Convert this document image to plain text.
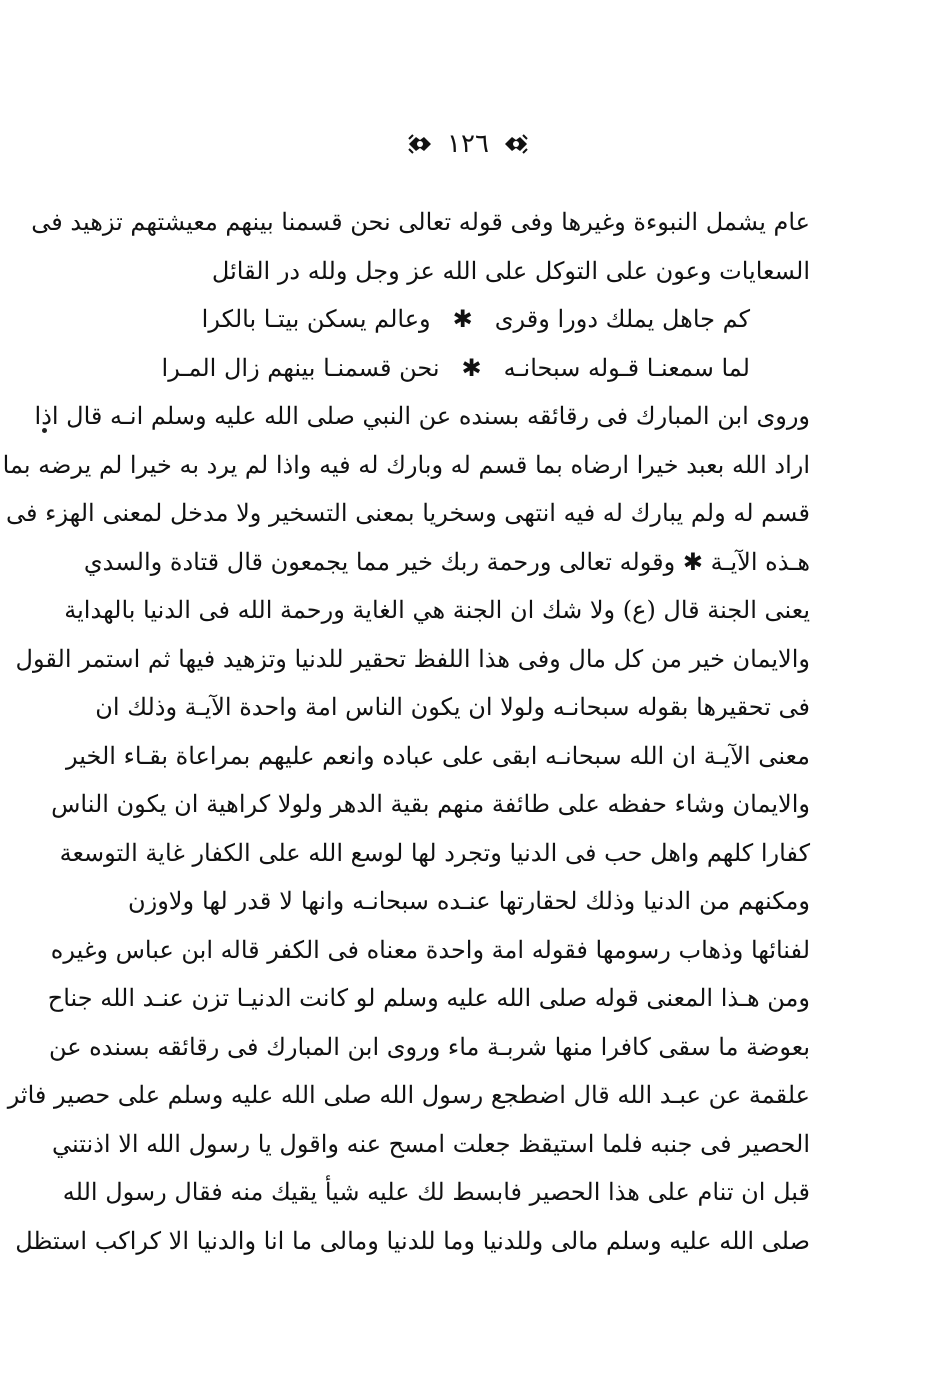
١٢٦
عام يشمل النبوءة وغيرها وفى قوله تعالى نحن قسمنا بينهم معيشتهم تزهيد فى
السعايات وعون على التوكل على الله عز وجل ولله در القائل
كم جاهل يملك دورا وقرى
✱
وعالم يسكن بيتـا بالكرا
لما سمعنـا قـوله سبحانـه
✱
نحن قسمنـا بينهم زال المـرا
وروى ابن المبارك فى رقائقه بسنده عن النبي صلى الله عليه وسلم انـه قال اذا
اراد الله بعبد خيرا ارضاه بما قسم له وبارك له فيه واذا لم يرد به خيرا لم يرضه بما
قسم له ولم يبارك له فيه انتهى وسخريا بمعنى التسخير ولا مدخل لمعنى الهزء فى
هـذه الآيـة ✱ وقوله تعالى ورحمة ربك خير مما يجمعون قال قتادة والسدي
يعنى الجنة قال (ع) ولا شك ان الجنة هي الغاية ورحمة الله فى الدنيا بالهداية
والايمان خير من كل مال وفى هذا اللفظ تحقير للدنيا وتزهيد فيها ثم استمر القول
فى تحقيرها بقوله سبحانـه ولولا ان يكون الناس امة واحدة الآيـة وذلك ان
معنى الآيـة ان الله سبحانـه ابقى على عباده وانعم عليهم بمراعاة بقـاء الخير
والايمان وشاء حفظه على طائفة منهم بقية الدهر ولولا كراهية ان يكون الناس
كفارا كلهم واهل حب فى الدنيا وتجرد لها لوسع الله على الكفار غاية التوسعة
ومكنهم من الدنيا وذلك لحقارتها عنـده سبحانـه وانها لا قدر لها ولاوزن
لفنائها وذهاب رسومها فقوله امة واحدة معناه فى الكفر قاله ابن عباس وغيره
ومن هـذا المعنى قوله صلى الله عليه وسلم لو كانت الدنيـا تزن عنـد الله جناح
بعوضة ما سقى كافرا منها شربـة ماء وروى ابن المبارك فى رقائقه بسنده عن
علقمة عن عبـد الله قال اضطجع رسول الله صلى الله عليه وسلم على حصير فاثر
الحصير فى جنبه فلما استيقظ جعلت امسح عنه واقول يا رسول الله الا اذنتني
قبل ان تنام على هذا الحصير فابسط لك عليه شيأ يقيك منه فقال رسول الله
صلى الله عليه وسلم مالى وللدنيا وما للدنيا ومالى ما انا والدنيا الا كراكب استظل
